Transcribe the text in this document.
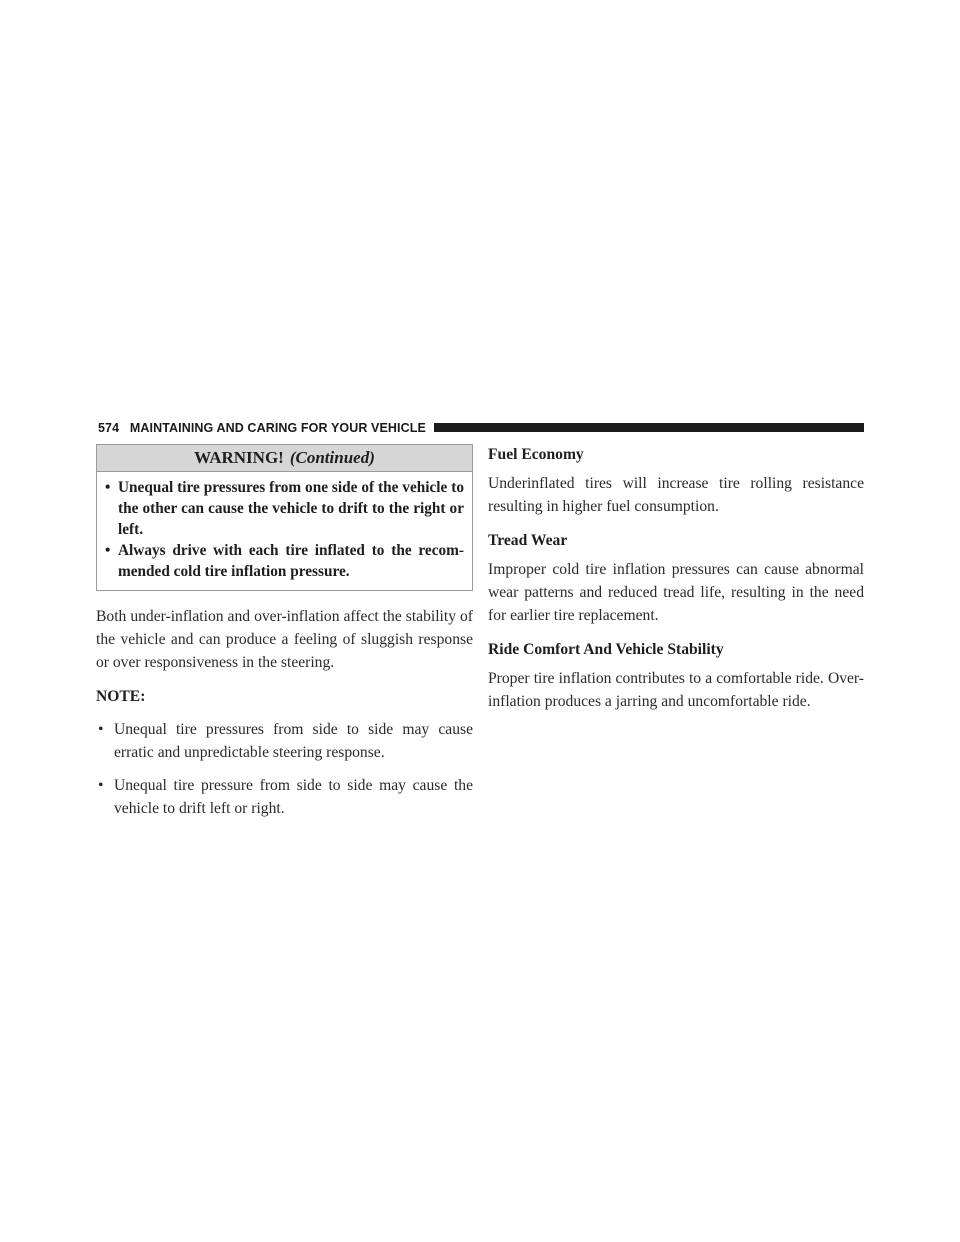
574 MAINTAINING AND CARING FOR YOUR VEHICLE
WARNING! (Continued)
• Unequal tire pressures from one side of the vehicle to the other can cause the vehicle to drift to the right or left.
• Always drive with each tire inflated to the recommended cold tire inflation pressure.

Both under-inflation and over-inflation affect the stability of the vehicle and can produce a feeling of sluggish response or over responsiveness in the steering.

NOTE:
• Unequal tire pressures from side to side may cause erratic and unpredictable steering response.
• Unequal tire pressure from side to side may cause the vehicle to drift left or right.
Fuel Economy

Underinflated tires will increase tire rolling resistance resulting in higher fuel consumption.

Tread Wear

Improper cold tire inflation pressures can cause abnormal wear patterns and reduced tread life, resulting in the need for earlier tire replacement.

Ride Comfort And Vehicle Stability

Proper tire inflation contributes to a comfortable ride. Over-inflation produces a jarring and uncomfortable ride.
